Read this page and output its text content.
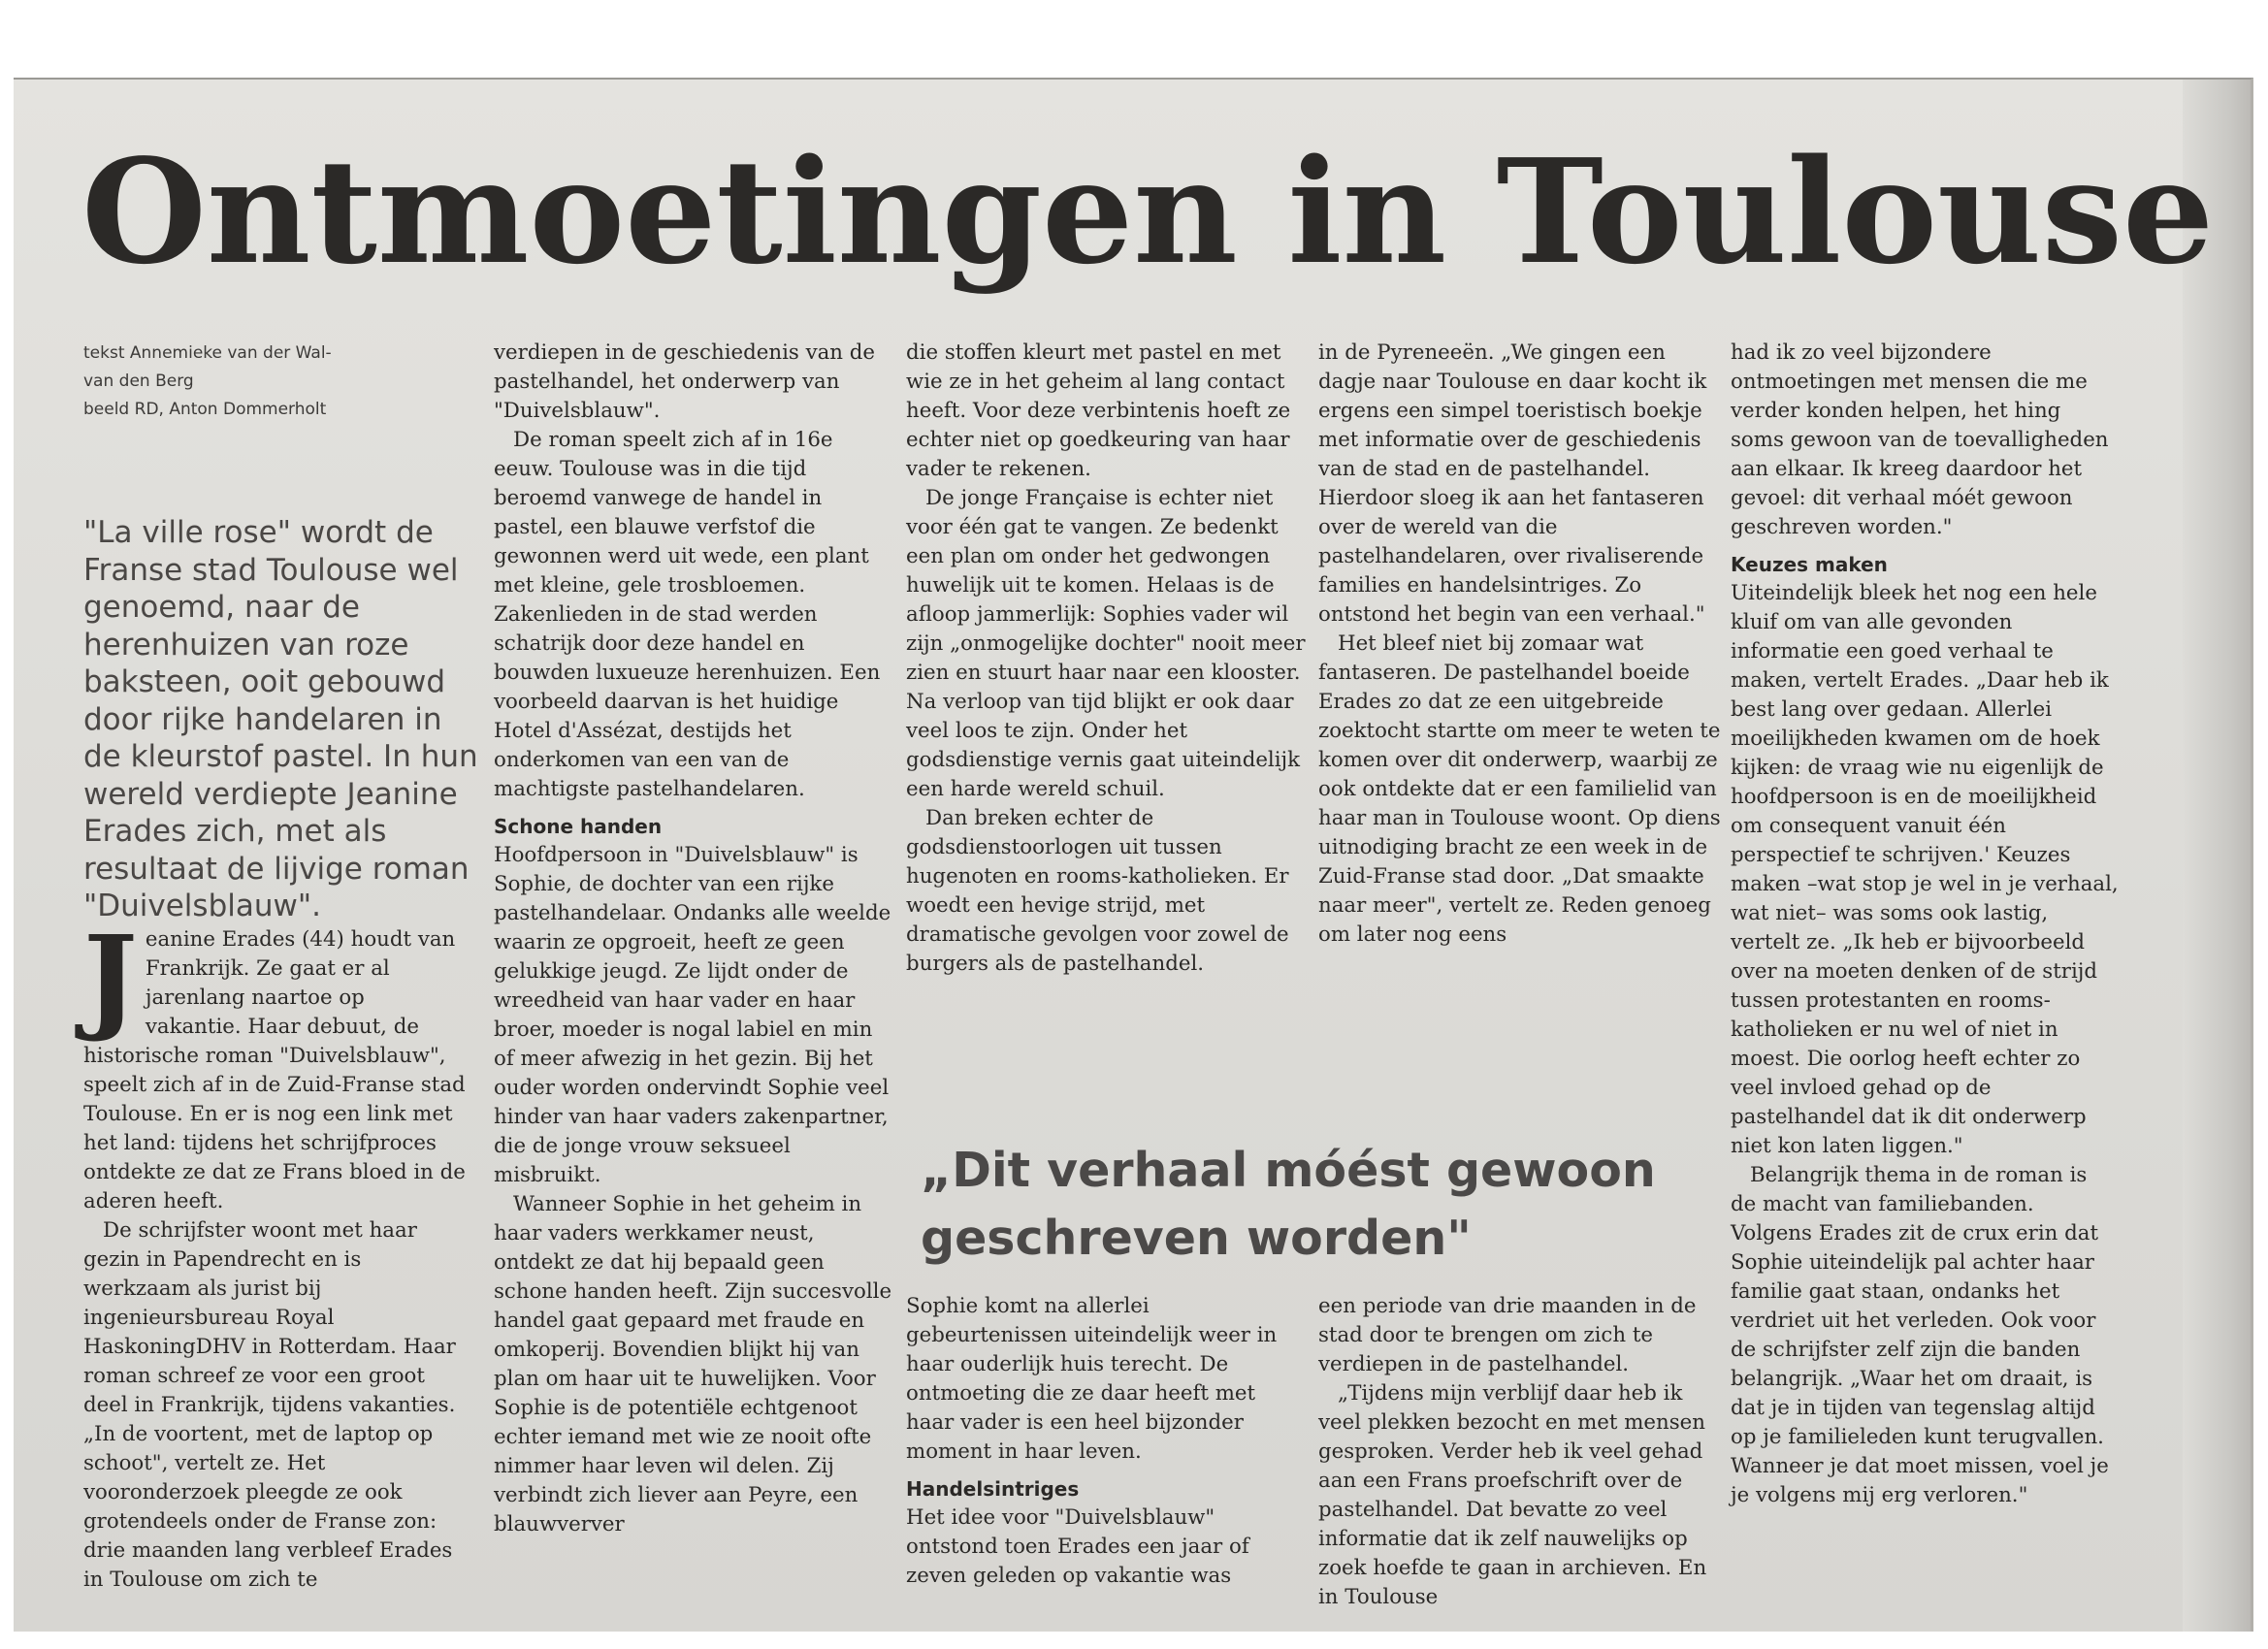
Ontmoetingen in Toulouse
tekst Annemieke van der Wal-
van den Berg
beeld RD, Anton Dommerholt
"La ville rose" wordt de Franse stad Toulouse wel genoemd, naar de herenhuizen van roze baksteen, ooit gebouwd door rijke handelaren in de kleurstof pastel. In hun wereld verdiepte Jeanine Erades zich, met als resultaat de lijvige roman "Duivelsblauw".

Jeanine Erades (44) houdt van Frankrijk. Ze gaat er al jarenlang naartoe op vakantie. Haar debuut, de historische roman "Duivelsblauw", speelt zich af in de Zuid-Franse stad Toulouse. En er is nog een link met het land: tijdens het schrijfproces ontdekte ze dat ze Frans bloed in de aderen heeft.

De schrijfster woont met haar gezin in Papendrecht en is werkzaam als jurist bij ingenieursbureau Royal HaskoningDHV in Rotterdam. Haar roman schreef ze voor een groot deel in Frankrijk, tijdens vakanties. „In de voortent, met de laptop op schoot", vertelt ze. Het vooronderzoek pleegde ze ook grotendeels onder de Franse zon: drie maanden lang verbleef Erades in Toulouse om zich te

verdiepen in de geschiedenis van de pastelhandel, het onderwerp van "Duivelsblauw".

De roman speelt zich af in 16e eeuw. Toulouse was in die tijd beroemd vanwege de handel in pastel, een blauwe verfstof die gewonnen werd uit wede, een plant met kleine, gele trosbloemen. Zakenlieden in de stad werden schatrijk door deze handel en bouwden luxueuze herenhuizen. Een voorbeeld daarvan is het huidige Hotel d'Assézat, destijds het onderkomen van een van de machtigste pastelhandelaren.

Schone handen

Hoofdpersoon in "Duivelsblauw" is Sophie, de dochter van een rijke pastelhandelaar. Ondanks alle weelde waarin ze opgroeit, heeft ze geen gelukkige jeugd. Ze lijdt onder de wreedheid van haar vader en haar broer, moeder is nogal labiel en min of meer afwezig in het gezin. Bij het ouder worden ondervindt Sophie veel hinder van haar vaders zakenpartner, die de jonge vrouw seksueel misbruikt.

Wanneer Sophie in het geheim in haar vaders werkkamer neust, ontdekt ze dat hij bepaald geen schone handen heeft. Zijn succesvolle handel gaat gepaard met fraude en omkoperij. Bovendien blijkt hij van plan om haar uit te huwelijken. Voor Sophie is de potentiële echtgenoot echter iemand met wie ze nooit ofte nimmer haar leven wil delen. Zij verbindt zich liever aan Peyre, een blauwverver

die stoffen kleurt met pastel en met wie ze in het geheim al lang contact heeft. Voor deze verbintenis hoeft ze echter niet op goedkeuring van haar vader te rekenen.

De jonge Française is echter niet voor één gat te vangen. Ze bedenkt een plan om onder het gedwongen huwelijk uit te komen. Helaas is de afloop jammerlijk: Sophies vader wil zijn „onmogelijke dochter" nooit meer zien en stuurt haar naar een klooster. Na verloop van tijd blijkt er ook daar veel loos te zijn. Onder het godsdienstige vernis gaat uiteindelijk een harde wereld schuil.

Dan breken echter de godsdienstoorlogen uit tussen hugenoten en rooms-katholieken. Er woedt een hevige strijd, met dramatische gevolgen voor zowel de burgers als de pastelhandel.

in de Pyreneeën. „We gingen een dagje naar Toulouse en daar kocht ik ergens een simpel toeristisch boekje met informatie over de geschiedenis van de stad en de pastelhandel. Hierdoor sloeg ik aan het fantaseren over de wereld van die pastelhandelaren, over rivaliserende families en handelsintriges. Zo ontstond het begin van een verhaal."

Het bleef niet bij zomaar wat fantaseren. De pastelhandel boeide Erades zo dat ze een uitgebreide zoektocht startte om meer te weten te komen over dit onderwerp, waarbij ze ook ontdekte dat er een familielid van haar man in Toulouse woont. Op diens uitnodiging bracht ze een week in de Zuid-Franse stad door. „Dat smaakte naar meer", vertelt ze. Reden genoeg om later nog eens

„Dit verhaal móést gewoon geschreven worden"

Sophie komt na allerlei gebeurtenissen uiteindelijk weer in haar ouderlijk huis terecht. De ontmoeting die ze daar heeft met haar vader is een heel bijzonder moment in haar leven.

Handelsintriges

Het idee voor "Duivelsblauw" ontstond toen Erades een jaar of zeven geleden op vakantie was

een periode van drie maanden in de stad door te brengen om zich te verdiepen in de pastelhandel.

„Tijdens mijn verblijf daar heb ik veel plekken bezocht en met mensen gesproken. Verder heb ik veel gehad aan een Frans proefschrift over de pastelhandel. Dat bevatte zo veel informatie dat ik zelf nauwelijks op zoek hoefde te gaan in archieven. En in Toulouse

had ik zo veel bijzondere ontmoetingen met mensen die me verder konden helpen, het hing soms gewoon van de toevalligheden aan elkaar. Ik kreeg daardoor het gevoel: dit verhaal móét gewoon geschreven worden."

Keuzes maken

Uiteindelijk bleek het nog een hele kluif om van alle gevonden informatie een goed verhaal te maken, vertelt Erades. „Daar heb ik best lang over gedaan. Allerlei moeilijkheden kwamen om de hoek kijken: de vraag wie nu eigenlijk de hoofdpersoon is en de moeilijkheid om consequent vanuit één perspectief te schrijven.' Keuzes maken –wat stop je wel in je verhaal, wat niet– was soms ook lastig, vertelt ze. „Ik heb er bijvoorbeeld over na moeten denken of de strijd tussen protestanten en rooms-katholieken er nu wel of niet in moest. Die oorlog heeft echter zo veel invloed gehad op de pastelhandel dat ik dit onderwerp niet kon laten liggen."

Belangrijk thema in de roman is de macht van familiebanden. Volgens Erades zit de crux erin dat Sophie uiteindelijk pal achter haar familie gaat staan, ondanks het verdriet uit het verleden. Ook voor de schrijfster zelf zijn die banden belangrijk. „Waar het om draait, is dat je in tijden van tegenslag altijd op je familieleden kunt terugvallen. Wanneer je dat moet missen, voel je je volgens mij erg verloren."
